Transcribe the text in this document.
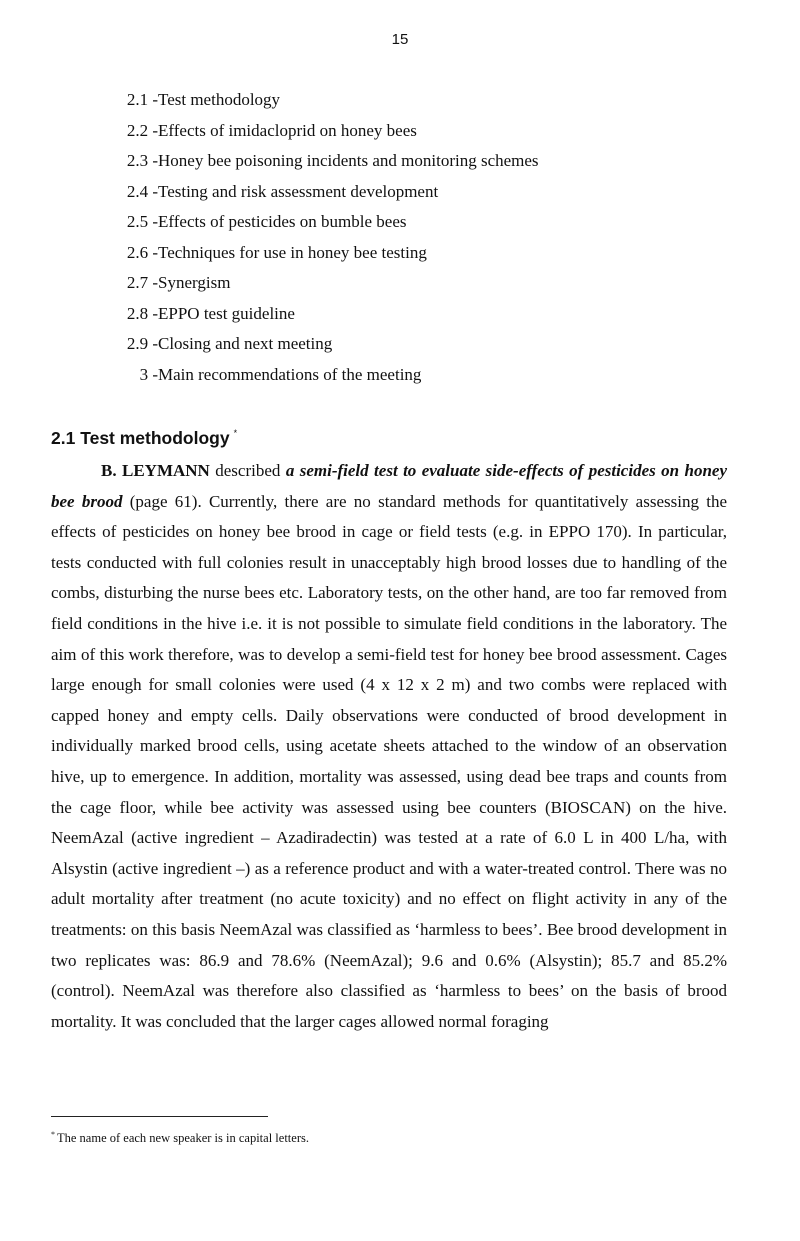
15
2.1 - Test methodology
2.2 - Effects of imidacloprid on honey bees
2.3 - Honey bee poisoning incidents and monitoring schemes
2.4 - Testing and risk assessment development
2.5 - Effects of pesticides on bumble bees
2.6 - Techniques for use in honey bee testing
2.7 - Synergism
2.8 - EPPO test guideline
2.9 - Closing and next meeting
3 - Main recommendations of the meeting
2.1 Test methodology *
B. LEYMANN described a semi-field test to evaluate side-effects of pesticides on honey bee brood (page 61). Currently, there are no standard methods for quantitatively assessing the effects of pesticides on honey bee brood in cage or field tests (e.g. in EPPO 170). In particular, tests conducted with full colonies result in unacceptably high brood losses due to handling of the combs, disturbing the nurse bees etc. Laboratory tests, on the other hand, are too far removed from field conditions in the hive i.e. it is not possible to simulate field conditions in the laboratory. The aim of this work therefore, was to develop a semi-field test for honey bee brood assessment. Cages large enough for small colonies were used (4 x 12 x 2 m) and two combs were replaced with capped honey and empty cells. Daily observations were conducted of brood development in individually marked brood cells, using acetate sheets attached to the window of an observation hive, up to emergence. In addition, mortality was assessed, using dead bee traps and counts from the cage floor, while bee activity was assessed using bee counters (BIOSCAN) on the hive. NeemAzal (active ingredient – Azadiradectin) was tested at a rate of 6.0 L in 400 L/ha, with Alsystin (active ingredient –) as a reference product and with a water-treated control. There was no adult mortality after treatment (no acute toxicity) and no effect on flight activity in any of the treatments: on this basis NeemAzal was classified as ‘harmless to bees’. Bee brood development in two replicates was: 86.9 and 78.6% (NeemAzal); 9.6 and 0.6% (Alsystin); 85.7 and 85.2% (control). NeemAzal was therefore also classified as ‘harmless to bees’ on the basis of brood mortality. It was concluded that the larger cages allowed normal foraging
* The name of each new speaker is in capital letters.
